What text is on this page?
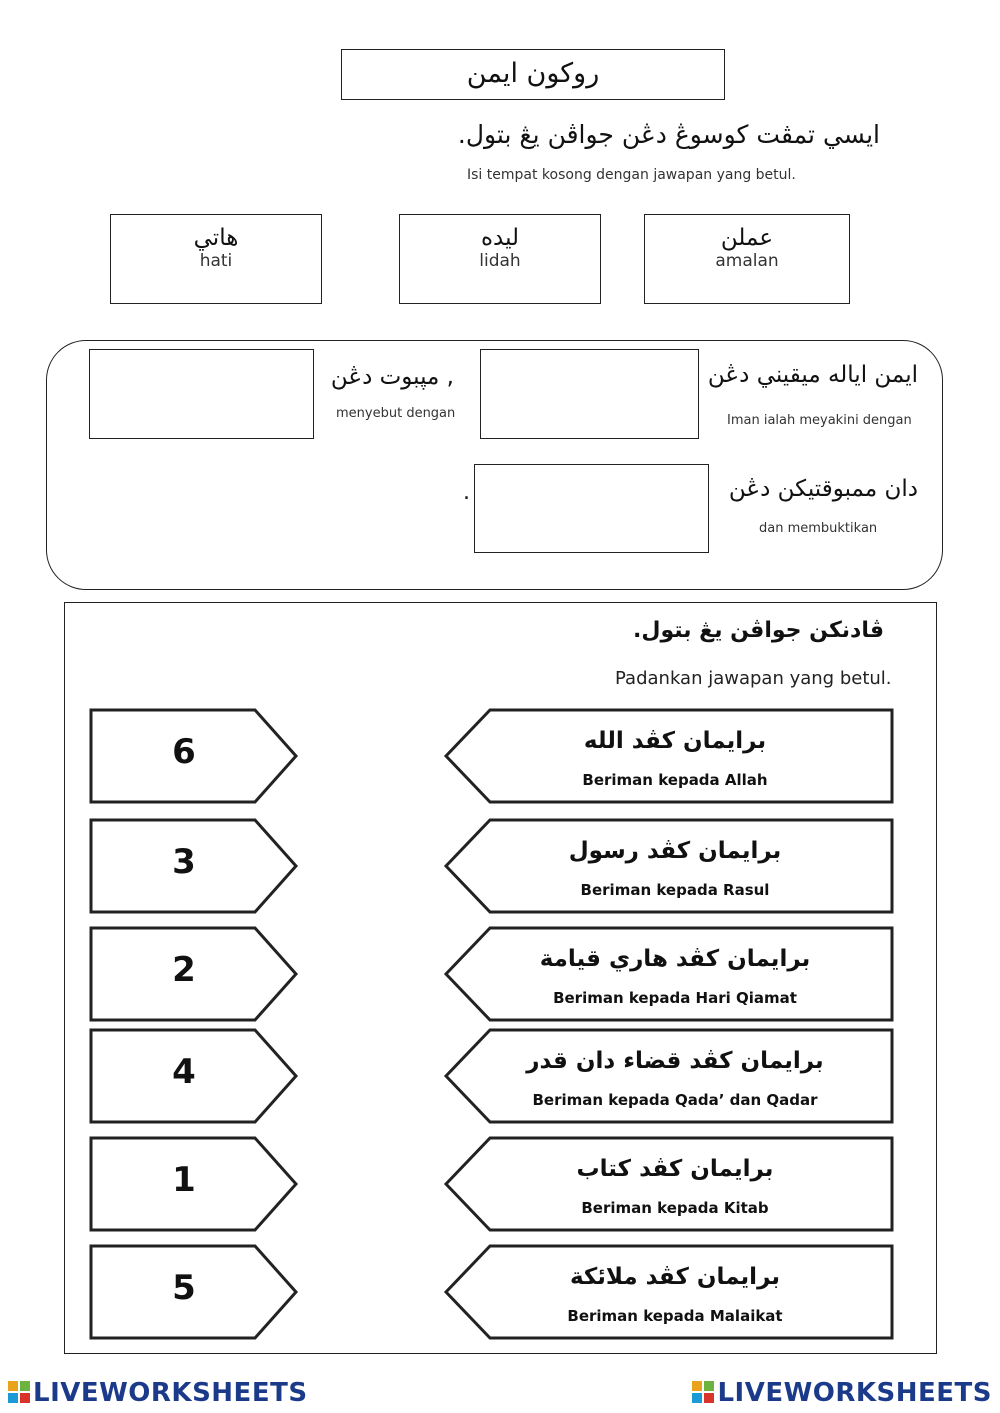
روکون ايمن
ايسي تمڤت کوسوڠ دڠن جواڤن يڠ بتول.
Isi tempat kosong dengan jawapan yang betul.
هاتي
hati
ليده
lidah
عملن
amalan
ايمن اياله ميقيني دڠن
Iman ialah meyakini dengan
, مڽبوت دڠن
menyebut dengan
دان ممبوقتيکن دڠن
dan membuktikan
.
ڤادنکن جواڤن يڠ بتول.
Padankan jawapan yang betul.
6	برايمان کڤد الله
Beriman kepada Allah
3	برايمان کڤد رسول
Beriman kepada Rasul
2	برايمان کڤد هاري قيامة
Beriman kepada Hari Qiamat
4	برايمان کڤد قضاء دان قدر
Beriman kepada Qada’ dan Qadar
1	برايمان کڤد کتاب
Beriman kepada Kitab
5	برايمان کڤد ملائکة
Beriman kepada Malaikat
LIVEWORKSHEETS	LIVEWORKSHEETS
